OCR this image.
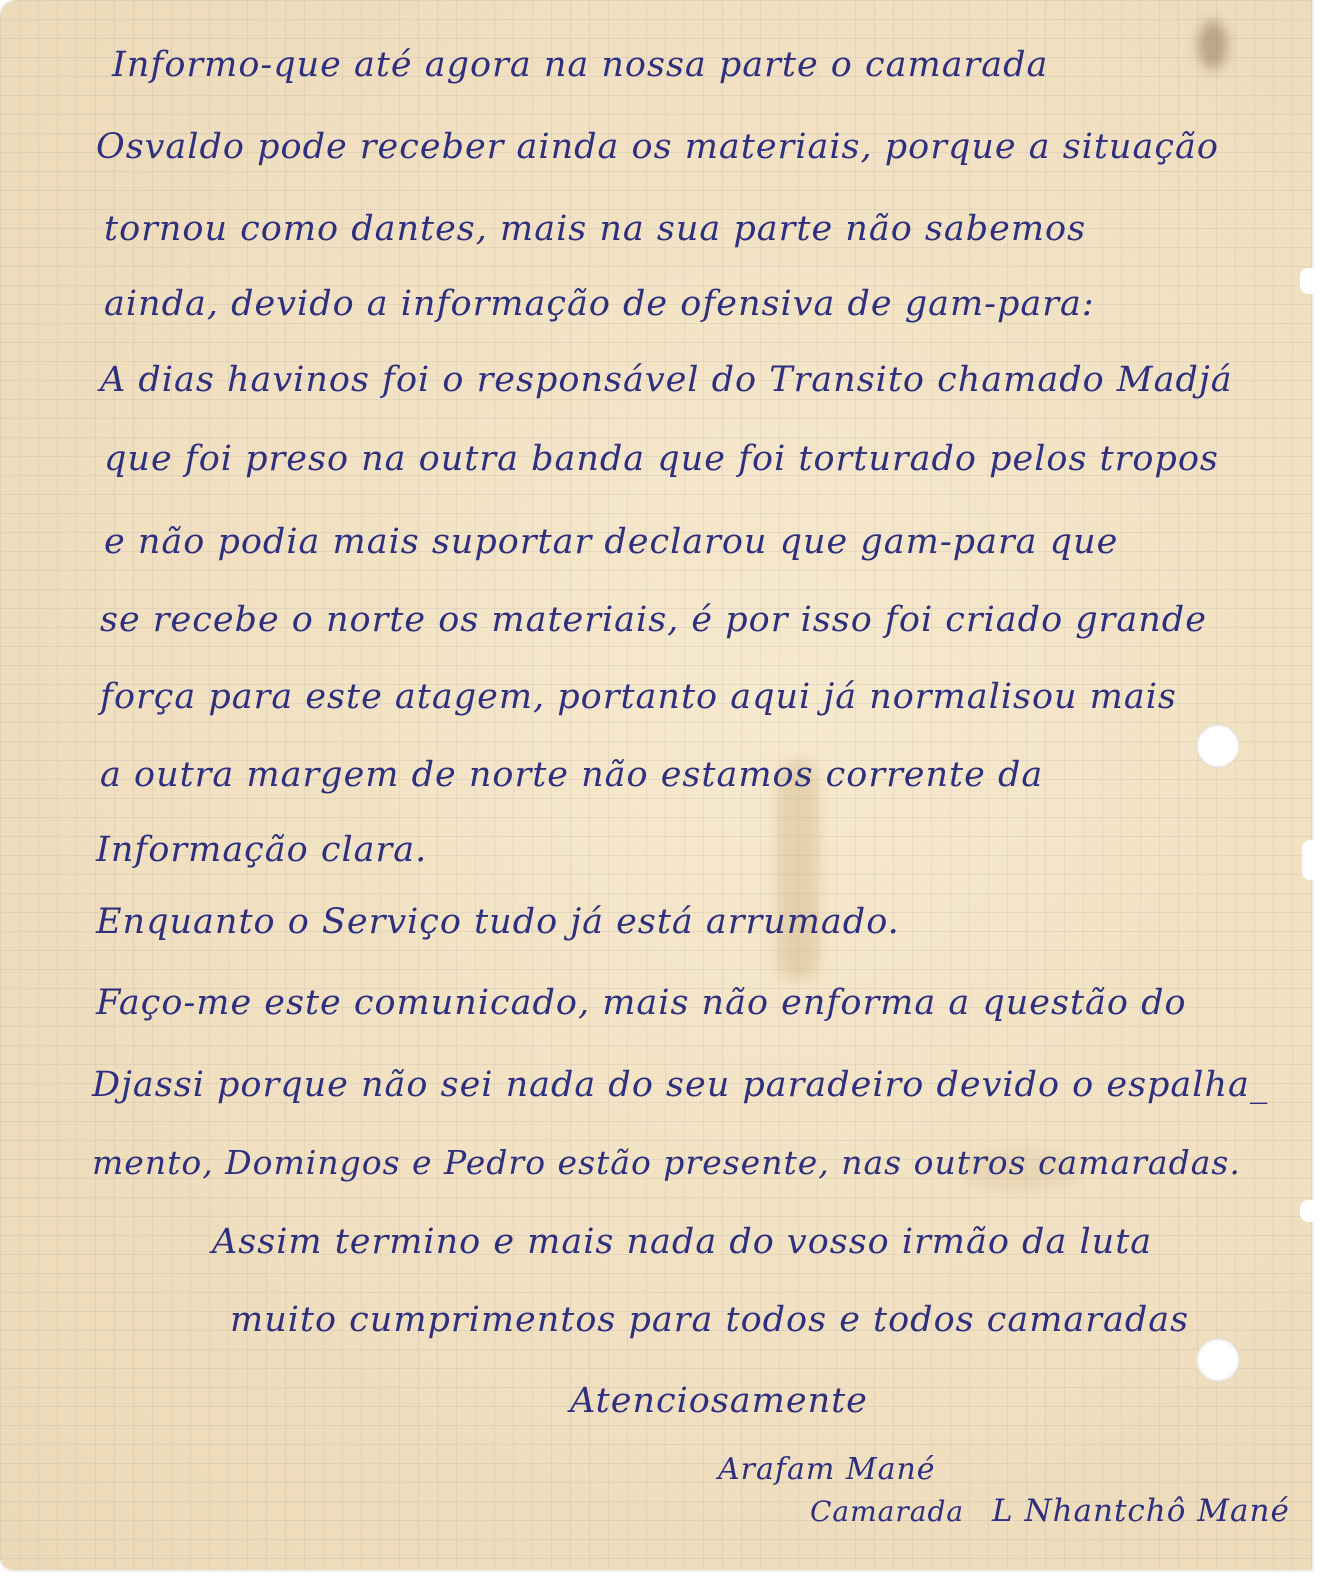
Informo-que até agora na nossa parte o camarada
Osvaldo pode receber ainda os materiais, porque a situação
tornou como dantes, mais na sua parte não sabemos
ainda, devido a informação de ofensiva de gam-para:
A dias havinos foi o responsável do Transito chamado Madjá
que foi preso na outra banda que foi torturado pelos tropos
e não podia mais suportar declarou que gam-para que
se recebe o norte os materiais, é por isso foi criado grande
força para este atagem, portanto aqui já normalisou mais
a outra margem de norte não estamos corrente da
Informação clara.
Enquanto o Serviço tudo já está arrumado.
Faço-me este comunicado, mais não enforma a questão do
Djassi porque não sei nada do seu paradeiro devido o espalha_
mento, Domingos e Pedro estão presente, nas outros camaradas.
Assim termino e mais nada do vosso irmão da luta
muito cumprimentos para todos e todos camaradas
Atenciosamente
Arafam Mané
Camarada L Nhantchô Mané
